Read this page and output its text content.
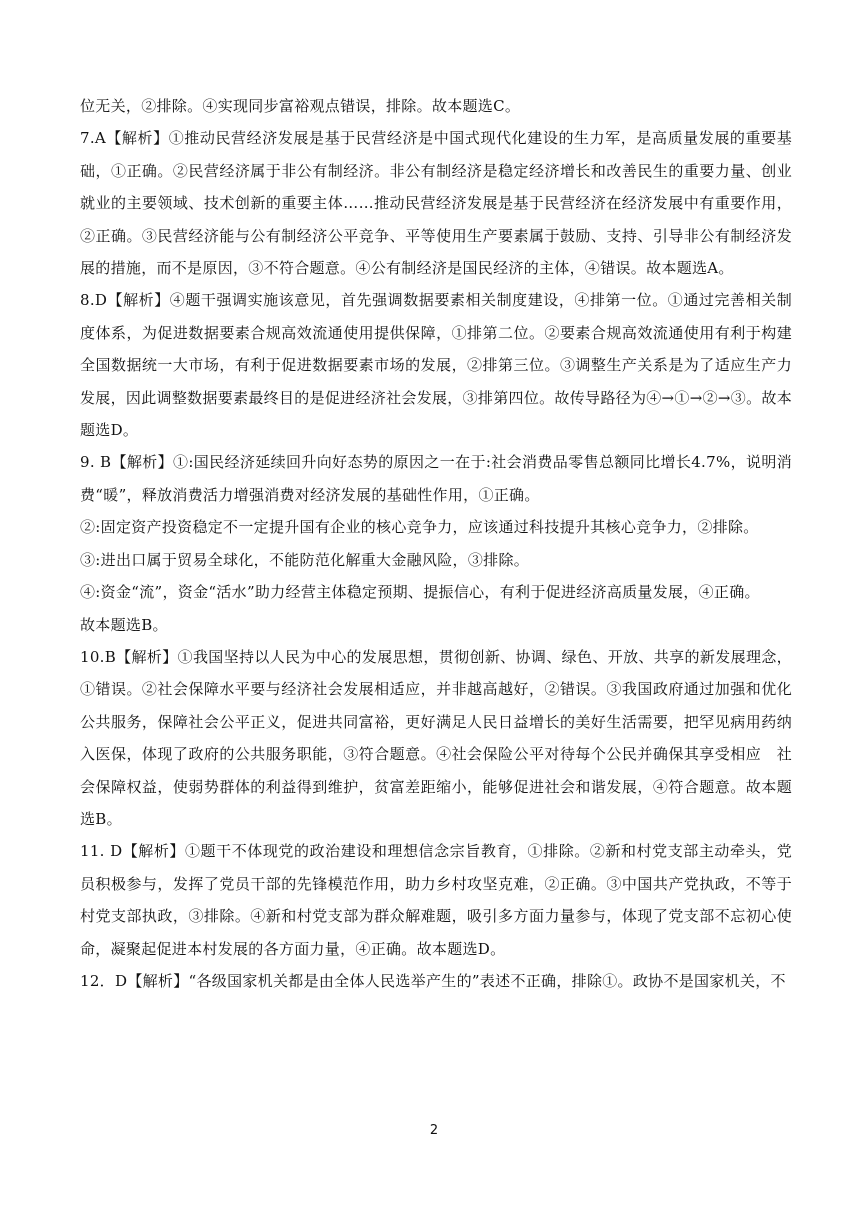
位无关，②排除。④实现同步富裕观点错误，排除。故本题选C。

7.A【解析】①推动民营经济发展是基于民营经济是中国式现代化建设的生力军，是高质量发展的重要基础，①正确。②民营经济属于非公有制经济。非公有制经济是稳定经济增长和改善民生的重要力量、创业就业的主要领域、技术创新的重要主体……推动民营经济发展是基于民营经济在经济发展中有重要作用，②正确。③民营经济能与公有制经济公平竞争、平等使用生产要素属于鼓励、支持、引导非公有制经济发展的措施，而不是原因，③不符合题意。④公有制经济是国民经济的主体，④错误。故本题选A。

8.D【解析】④题干强调实施该意见，首先强调数据要素相关制度建设，④排第一位。①通过完善相关制度体系，为促进数据要素合规高效流通使用提供保障，①排第二位。②要素合规高效流通使用有利于构建全国数据统一大市场，有利于促进数据要素市场的发展，②排第三位。③调整生产关系是为了适应生产力发展，因此调整数据要素最终目的是促进经济社会发展，③排第四位。故传导路径为④→①→②→③。故本题选D。

9. B【解析】①:国民经济延续回升向好态势的原因之一在于:社会消费品零售总额同比增长4.7%，说明消费“暖”，释放消费活力增强消费对经济发展的基础性作用，①正确。

②:固定资产投资稳定不一定提升国有企业的核心竞争力，应该通过科技提升其核心竞争力，②排除。

③:进出口属于贸易全球化，不能防范化解重大金融风险，③排除。

④:资金“流”，资金“活水”助力经营主体稳定预期、提振信心，有利于促进经济高质量发展，④正确。

故本题选B。

10.B【解析】①我国坚持以人民为中心的发展思想，贯彻创新、协调、绿色、开放、共享的新发展理念，①错误。②社会保障水平要与经济社会发展相适应，并非越高越好，②错误。③我国政府通过加强和优化公共服务，保障社会公平正义，促进共同富裕，更好满足人民日益增长的美好生活需要，把罕见病用药纳入医保，体现了政府的公共服务职能，③符合题意。④社会保险公平对待每个公民并确保其享受相应　社会保障权益，使弱势群体的利益得到维护，贫富差距缩小，能够促进社会和谐发展，④符合题意。故本题选B。

11. D【解析】①题干不体现党的政治建设和理想信念宗旨教育，①排除。②新和村党支部主动牵头，党员积极参与，发挥了党员干部的先锋模范作用，助力乡村攻坚克难，②正确。③中国共产党执政，不等于村党支部执政，③排除。④新和村党支部为群众解难题，吸引多方面力量参与，体现了党支部不忘初心使命，凝聚起促进本村发展的各方面力量，④正确。故本题选D。

12．D【解析】“各级国家机关都是由全体人民选举产生的”表述不正确，排除①。政协不是国家机关，不

2
